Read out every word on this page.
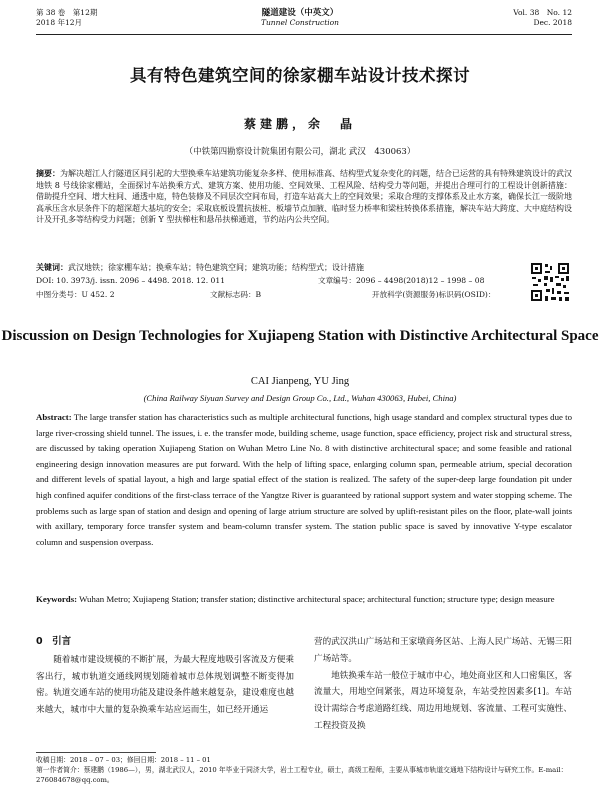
第 38 卷　第12期
2018 年12月
隧道建设（中英文）
Tunnel Construction
Vol. 38　No. 12
Dec. 2018
具有特色建筑空间的徐家棚车站设计技术探讨
蔡建鹏，余　晶
（中铁第四勘察设计院集团有限公司，湖北 武汉　430063）
摘要：为解决超江人行隧道区间引起的大型换乘车站建筑功能复杂多样、使用标准高、结构型式复杂变化的问题，结合已运营的具有特殊建筑设计的武汉地铁 8 号线徐家棚站，全面探讨车站换乘方式、建筑方案、使用功能、空间效果、工程风险、结构受力等问题，并提出合理可行的工程设计创新措施：借助提升空间、增大柱间、通透中庭，特色装修及不同层次空间布局，打造车站高大上的空间效果；采取合理的支撑体系及止水方案，确保长江一级阶地高承压含水层条件下的超深超大基坑的安全；采取底板设置抗拔桩、板墙节点加腋、临时竖力桥率和梁柱转换体系措施，解决车站大跨度、大中庭结构设计及开孔多等结构受力问题；创新 Y 型扶梯柱和悬吊扶梯通道，节约站内公共空间。
关键词：武汉地铁；徐家棚车站；换乘车站；特色建筑空间；建筑功能；结构型式；设计措施
DOI: 10. 3973/j. issn. 2096 – 4498. 2018. 12. 011	文章编号：2096 – 4498(2018)12 – 1998 – 08
中图分类号：U 452. 2	文献标志码：B	开放科学(资源服务)标识码(OSID)：
Discussion on Design Technologies for Xujiapeng Station with Distinctive Architectural Space
CAI Jianpeng, YU Jing
(China Railway Siyuan Survey and Design Group Co., Ltd., Wuhan 430063, Hubei, China)
Abstract: The large transfer station has characteristics such as multiple architectural functions, high usage standard and complex structural types due to large river-crossing shield tunnel. The issues, i. e. the transfer mode, building scheme, usage function, space efficiency, project risk and structural stress, are discussed by taking operation Xujiapeng Station on Wuhan Metro Line No. 8 with distinctive architectural space; and some feasible and rational engineering design innovation measures are put forward. With the help of lifting space, enlarging column span, permeable atrium, special decoration and different levels of spatial layout, a high and large spatial effect of the station is realized. The safety of the super-deep large foundation pit under high confined aquifer conditions of the first-class terrace of the Yangtze River is guaranteed by rational support system and water stopping scheme. The problems such as large span of station and design and opening of large atrium structure are solved by uplift-resistant piles on the floor, plate-wall joints with axillary, temporary force transfer system and beam-column transfer system. The station public space is saved by innovative Y-type escalator column and suspension overpass.
Keywords: Wuhan Metro; Xujiapeng Station; transfer station; distinctive architectural space; architectural function; structure type; design measure
0　引言
随着城市建设规模的不断扩展，为最大程度地吸引客流及方便乘客出行，城市轨道交通线网规划随着城市总体规划调整不断变得加密。轨道交通车站的使用功能及建设条件越来越复杂，建设难度也越来越大，城市中大量的复杂换乘车站应运而生，如已经开通运
营的武汉洪山广场站和王家墩商务区站、上海人民广场站、无锡三阳广场站等。
地铁换乘车站一般位于城市中心，地处商业区和人口密集区，客流量大，用地空间紧张，周边环境复杂，车站受控因素多[1]。车站设计需综合考虑道路红线、周边用地规划、客流量、工程可实施性、工程投资及换
收稿日期：2018 – 07 – 03；修回日期：2018 – 11 – 01
第一作者简介：蔡建鹏（1986—），男，湖北武汉人，2010 年毕业于同济大学，岩土工程专业，硕士，高级工程师，主要从事城市轨道交通地下结构设计与研究工作。E-mail：276084678@qq.com。
